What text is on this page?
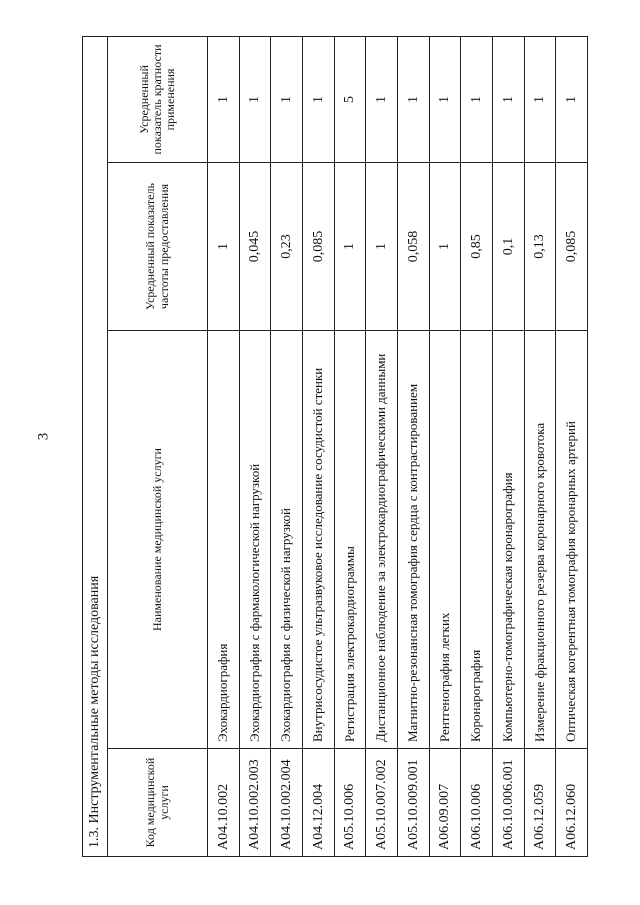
3
1.3. Инструментальные методы исследования			
Код медицинской услуги	Наименование медицинской услуги	Усредненный показатель частоты предоставления	Усредненный показатель кратности применения
A04.10.002	Эхокардиография	1	1
A04.10.002.003	Эхокардиография с фармакологической нагрузкой	0,045	1
A04.10.002.004	Эхокардиография с физической нагрузкой	0,23	1
A04.12.004	Внутрисосудистое ультразвуковое исследование сосудистой стенки	0,085	1
A05.10.006	Регистрация электрокардиограммы	1	5
A05.10.007.002	Дистанционное наблюдение за электрокардиографическими данными	1	1
A05.10.009.001	Магнитно-резонансная томография сердца с контрастированием	0,058	1
A06.09.007	Рентгенография легких	1	1
A06.10.006	Коронарография	0,85	1
A06.10.006.001	Компьютерно-томографическая коронарография	0,1	1
A06.12.059	Измерение фракционного резерва коронарного кровотока	0,13	1
A06.12.060	Оптическая когерентная томография коронарных артерий	0,085	1
